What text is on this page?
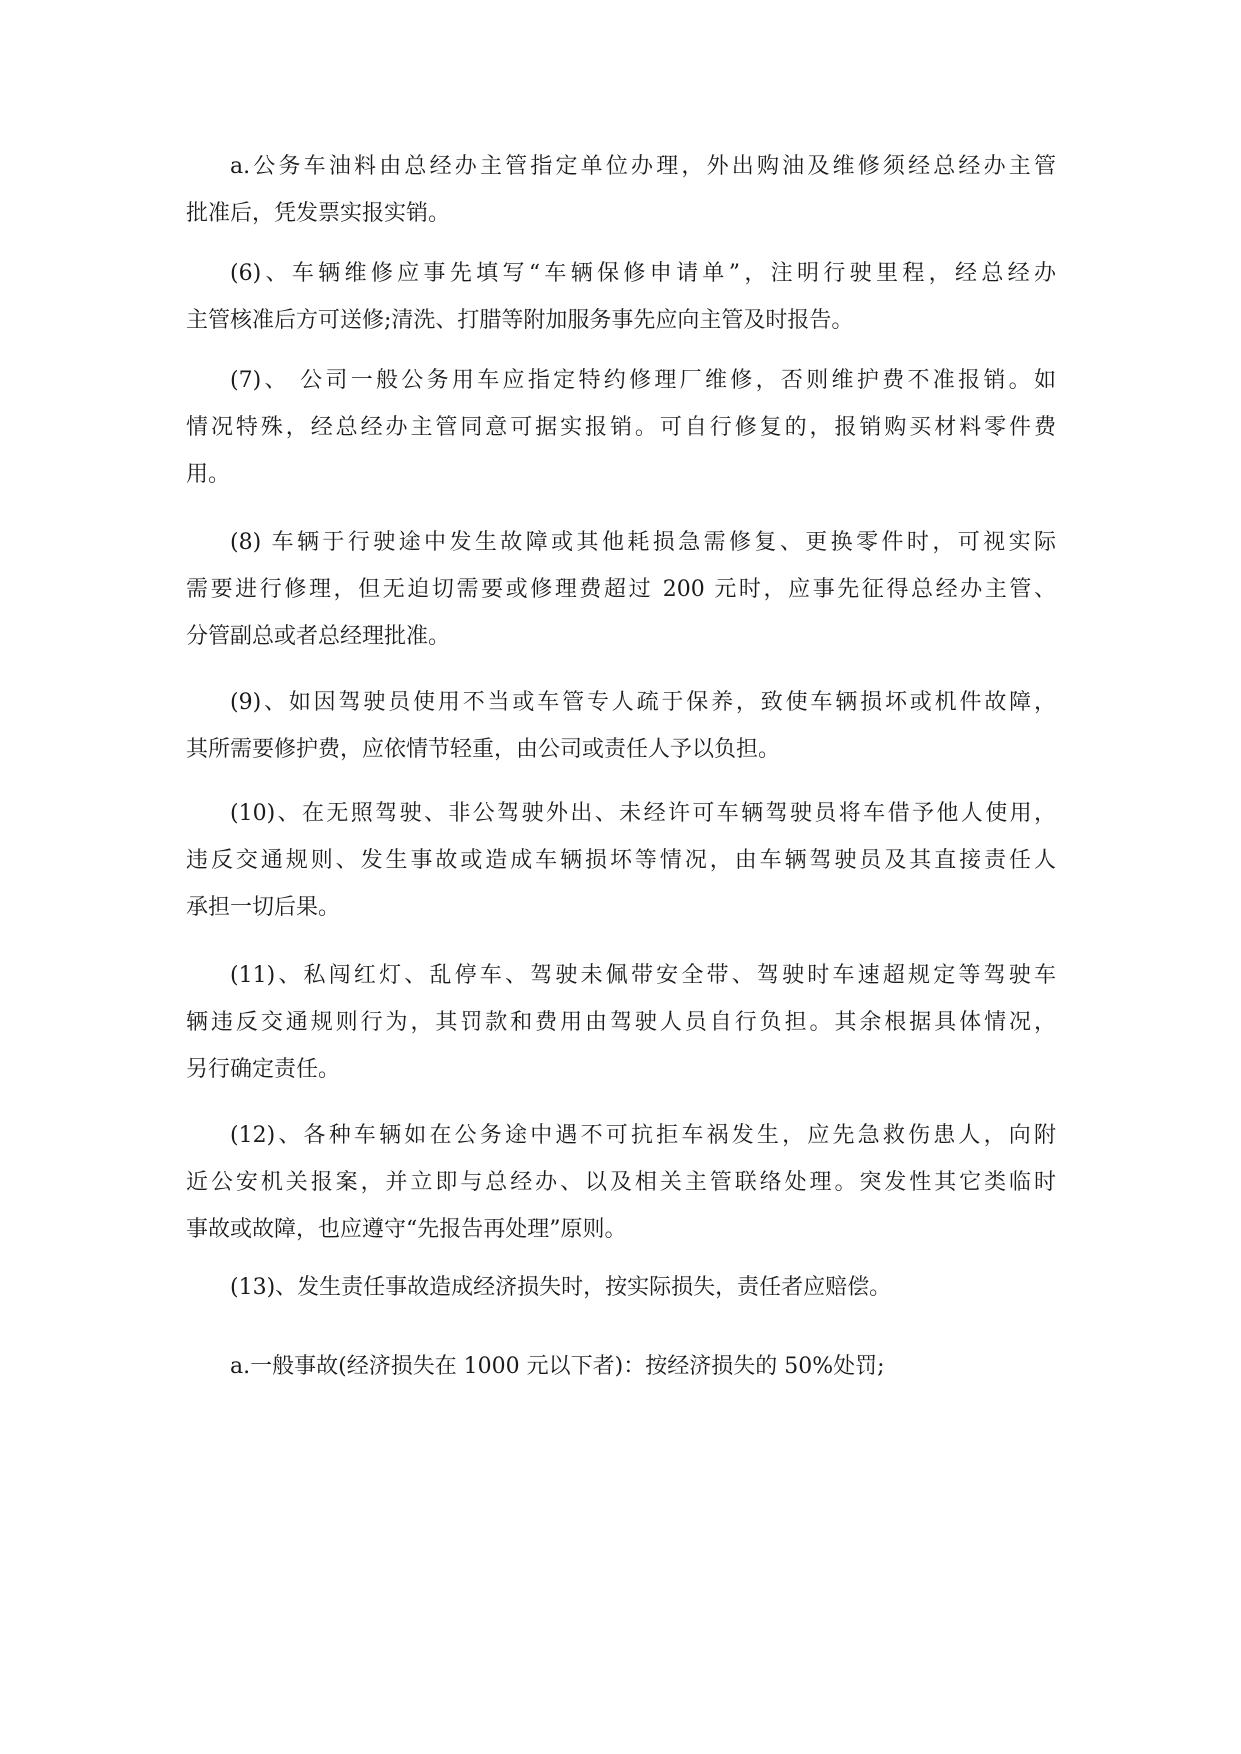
a.公务车油料由总经办主管指定单位办理，外出购油及维修须经总经办主管
批准后，凭发票实报实销。
(6)、车辆维修应事先填写“车辆保修申请单”，注明行驶里程，经总经办
主管核准后方可送修;清洗、打腊等附加服务事先应向主管及时报告。
(7)、 公司一般公务用车应指定特约修理厂维修，否则维护费不准报销。如
情况特殊，经总经办主管同意可据实报销。可自行修复的，报销购买材料零件费
用。
(8) 车辆于行驶途中发生故障或其他耗损急需修复、更换零件时，可视实际
需要进行修理，但无迫切需要或修理费超过 200 元时，应事先征得总经办主管、
分管副总或者总经理批准。
(9)、如因驾驶员使用不当或车管专人疏于保养，致使车辆损坏或机件故障，
其所需要修护费，应依情节轻重，由公司或责任人予以负担。
(10)、在无照驾驶、非公驾驶外出、未经许可车辆驾驶员将车借予他人使用，
违反交通规则、发生事故或造成车辆损坏等情况，由车辆驾驶员及其直接责任人
承担一切后果。
(11)、私闯红灯、乱停车、驾驶未佩带安全带、驾驶时车速超规定等驾驶车
辆违反交通规则行为，其罚款和费用由驾驶人员自行负担。其余根据具体情况，
另行确定责任。
(12)、各种车辆如在公务途中遇不可抗拒车祸发生，应先急救伤患人，向附
近公安机关报案，并立即与总经办、以及相关主管联络处理。突发性其它类临时
事故或故障，也应遵守“先报告再处理”原则。
(13)、发生责任事故造成经济损失时，按实际损失，责任者应赔偿。
a.一般事故(经济损失在 1000 元以下者)：按经济损失的 50%处罚;
